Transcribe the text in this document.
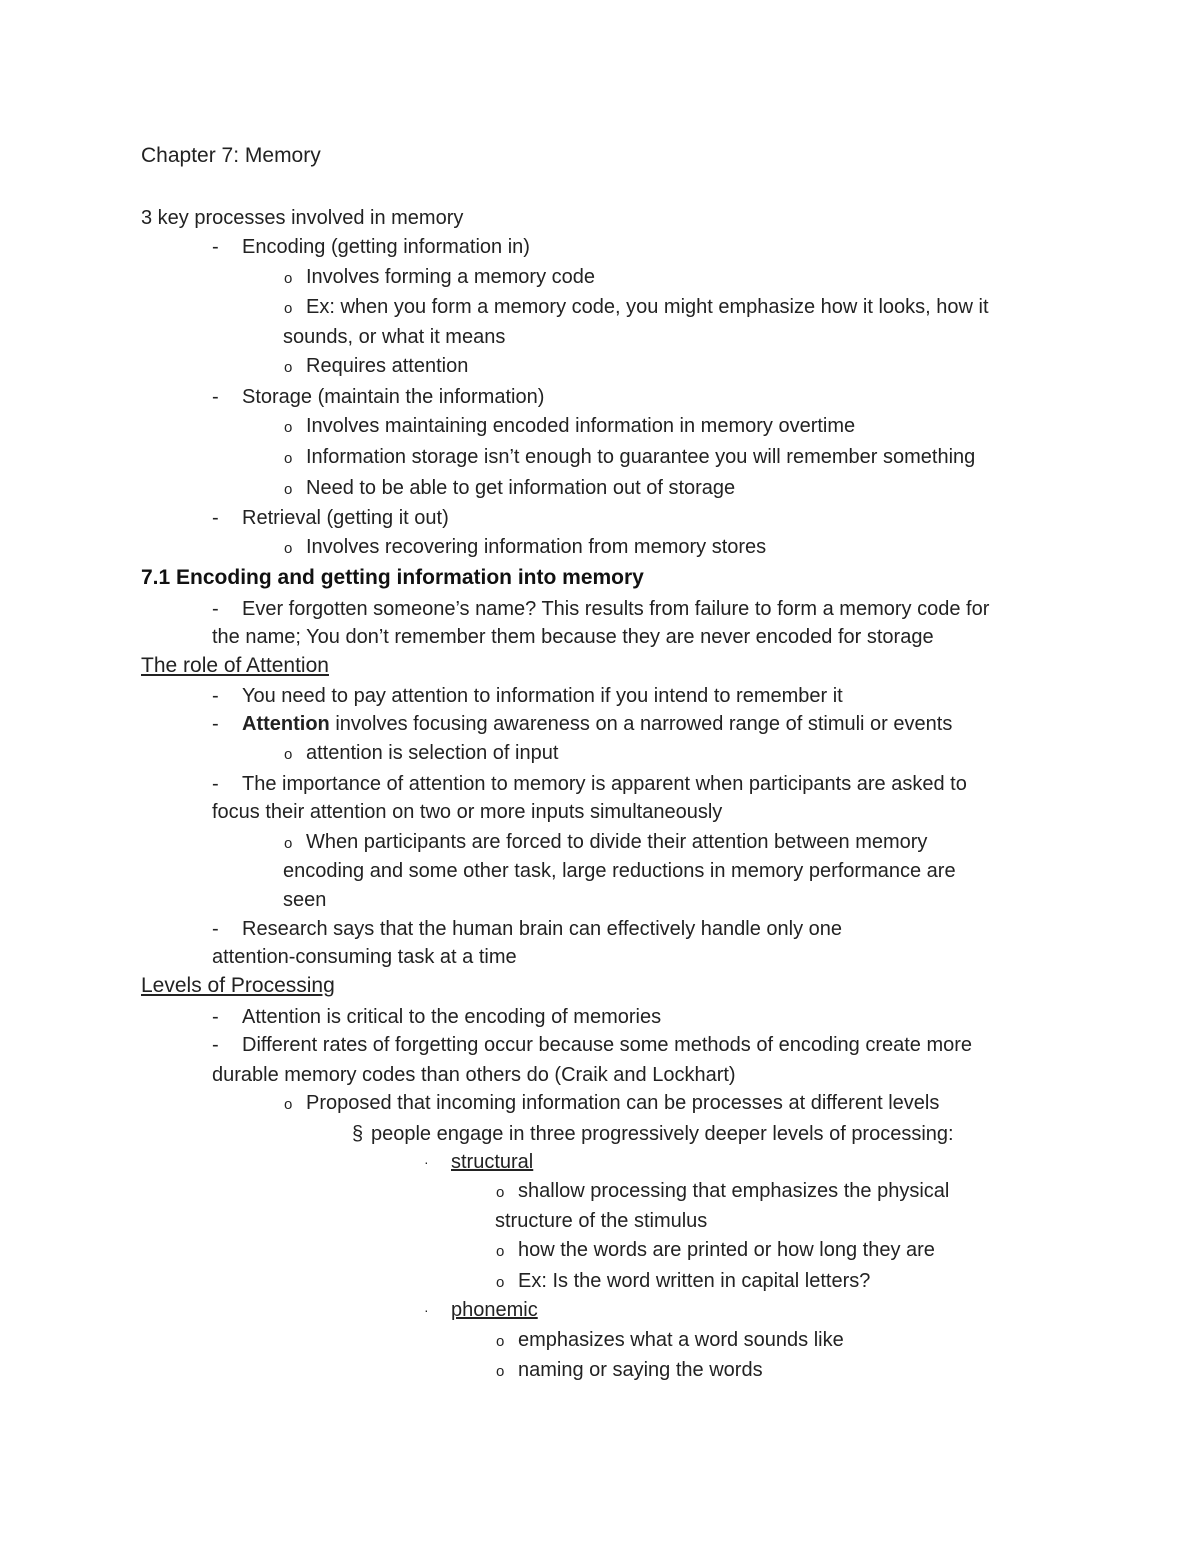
Chapter 7: Memory

3 key processes involved in memory

- Encoding (getting information in)

o Involves forming a memory code

o Ex: when you form a memory code, you might emphasize how it looks, how it

sounds, or what it means

o Requires attention

- Storage (maintain the information)

o Involves maintaining encoded information in memory overtime

o Information storage isn’t enough to guarantee you will remember something

o Need to be able to get information out of storage

- Retrieval (getting it out)

o Involves recovering information from memory stores

7.1 Encoding and getting information into memory

- Ever forgotten someone’s name? This results from failure to form a memory code for

the name; You don’t remember them because they are never encoded for storage

The role of Attention

- You need to pay attention to information if you intend to remember it

- Attention involves focusing awareness on a narrowed range of stimuli or events

o attention is selection of input

- The importance of attention to memory is apparent when participants are asked to

focus their attention on two or more inputs simultaneously

o When participants are forced to divide their attention between memory

encoding and some other task, large reductions in memory performance are

seen

- Research says that the human brain can effectively handle only one

attention-consuming task at a time

Levels of Processing

- Attention is critical to the encoding of memories

- Different rates of forgetting occur because some methods of encoding create more

durable memory codes than others do (Craik and Lockhart)

o Proposed that incoming information can be processes at different levels

§ people engage in three progressively deeper levels of processing:

· structural

o shallow processing that emphasizes the physical

structure of the stimulus

o how the words are printed or how long they are

o Ex: Is the word written in capital letters?

· phonemic

o emphasizes what a word sounds like

o naming or saying the words
